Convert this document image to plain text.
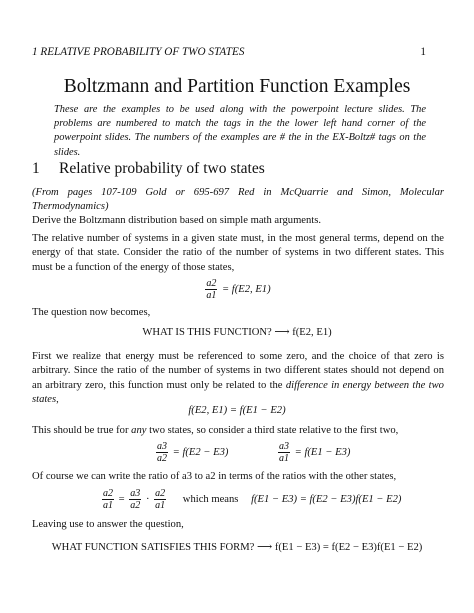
1 RELATIVE PROBABILITY OF TWO STATES	1
Boltzmann and Partition Function Examples
These are the examples to be used along with the powerpoint lecture slides. The problems are numbered to match the tags in the the lower left hand corner of the powerpoint slides. The numbers of the examples are # the in the EX-Boltz# tags on the slides.
1 Relative probability of two states
(From pages 107-109 Gold or 695-697 Red in McQuarrie and Simon, Molecular Thermodynamics)
Derive the Boltzmann distribution based on simple math arguments.
The relative number of systems in a given state must, in the most general terms, depend on the energy of that state. Consider the ratio of the number of systems in two different states. This must be a function of the energy of those states,
$\frac{a2}{a1} = f(E2$, E1)
The question now becomes,
WHAT IS THIS FUNCTION? ⟶ f(E2, E1)
First we realize that energy must be referenced to some zero, and the choice of that zero is arbitrary. Since the ratio of the number of systems in two different states should not depend on an arbitrary zero, this function must only be related to the difference in energy between the two states,
f(E2, E1) = f(E1 − E2)
This should be true for any two states, so consider a third state relative to the first two,
$\frac{a3}{a2} = f(E2 - E3)$	$\frac{a3}{a1} = f(E1 - E3)$
Of course we can write the ratio of a3 to a2 in terms of the ratios with the other states,
$\frac{a2}{a1} = \frac{a3}{a2} \cdot \frac{a2}{a1}$ which means f(E1 − E3) = f(E2 − E3)f(E1 − E2)
Leaving use to answer the question,
WHAT FUNCTION SATISFIES THIS FORM? ⟶ f(E1 − E3) = f(E2 − E3)f(E1 − E2)
